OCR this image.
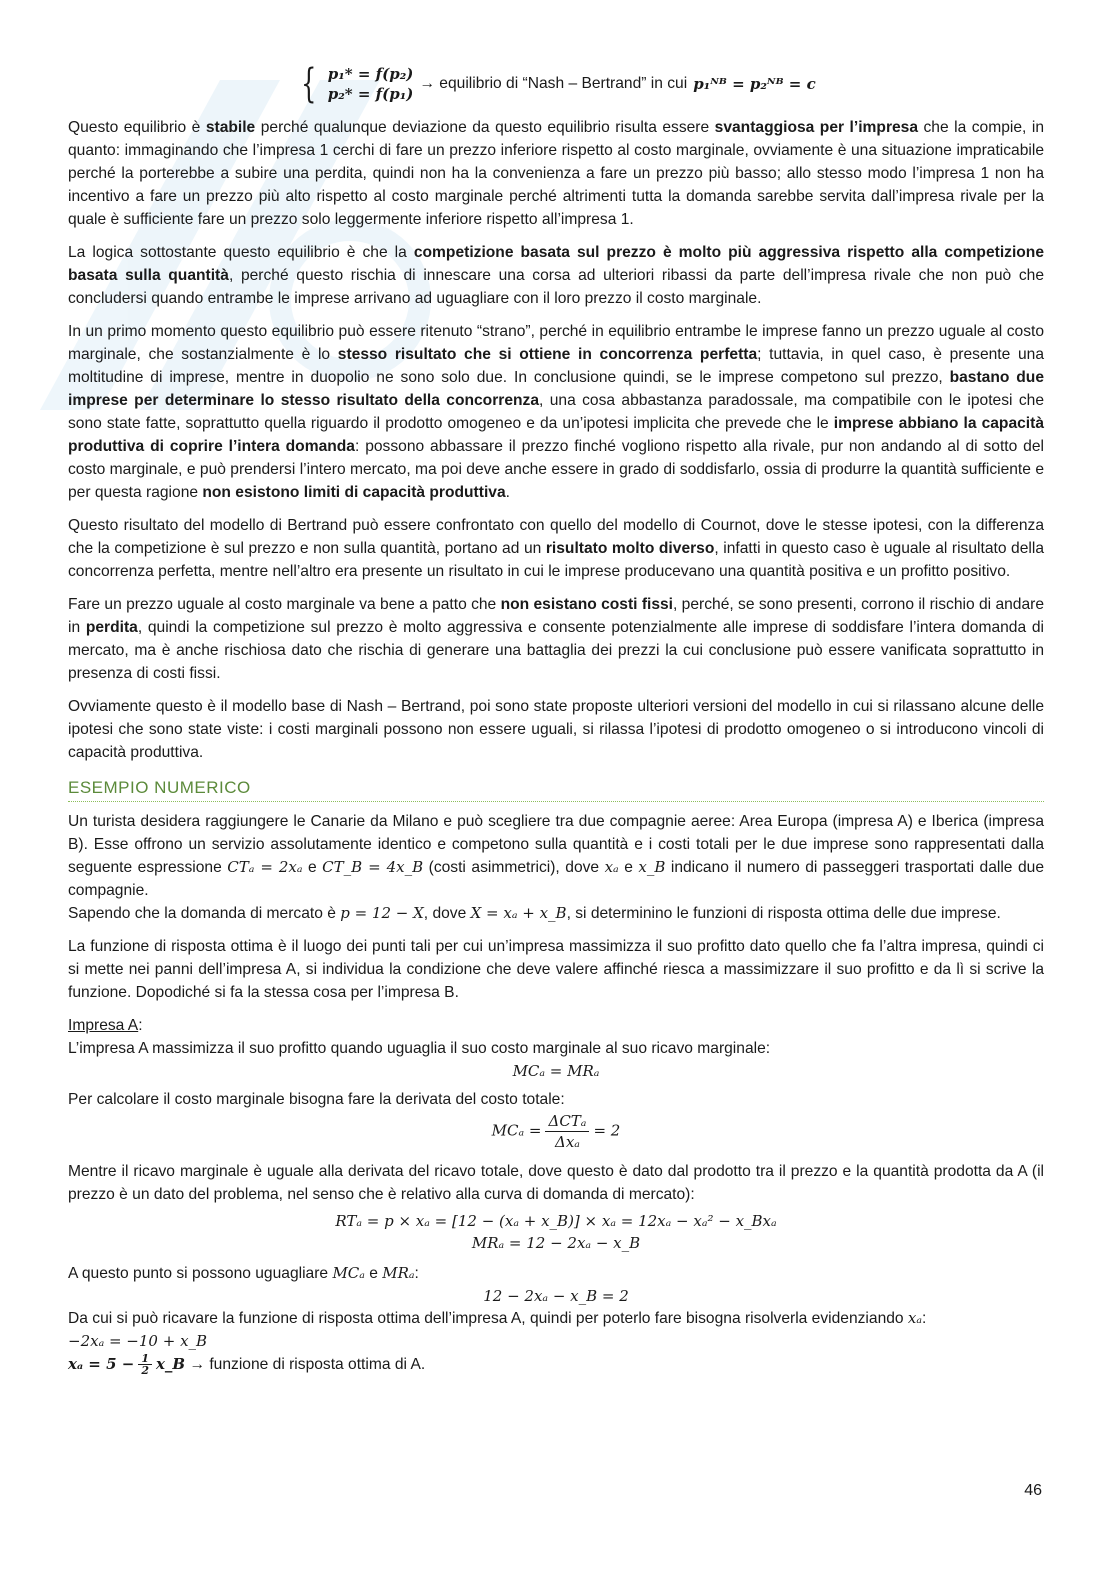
{ p₁* = f(p₂)
p₂* = f(p₁)
→ equilibrio di “Nash – Bertrand” in cui p₁ᴺᴮ = p₂ᴺᴮ = c

Questo equilibrio è stabile perché qualunque deviazione da questo equilibrio risulta essere svantaggiosa per l’impresa che la compie, in quanto: immaginando che l’impresa 1 cerchi di fare un prezzo inferiore rispetto al costo marginale, ovviamente è una situazione impraticabile perché la porterebbe a subire una perdita, quindi non ha la convenienza a fare un prezzo più basso; allo stesso modo l’impresa 1 non ha incentivo a fare un prezzo più alto rispetto al costo marginale perché altrimenti tutta la domanda sarebbe servita dall’impresa rivale per la quale è sufficiente fare un prezzo solo leggermente inferiore rispetto all’impresa 1.

La logica sottostante questo equilibrio è che la competizione basata sul prezzo è molto più aggressiva rispetto alla competizione basata sulla quantità, perché questo rischia di innescare una corsa ad ulteriori ribassi da parte dell’impresa rivale che non può che concludersi quando entrambe le imprese arrivano ad uguagliare con il loro prezzo il costo marginale.

In un primo momento questo equilibrio può essere ritenuto “strano”, perché in equilibrio entrambe le imprese fanno un prezzo uguale al costo marginale, che sostanzialmente è lo stesso risultato che si ottiene in concorrenza perfetta; tuttavia, in quel caso, è presente una moltitudine di imprese, mentre in duopolio ne sono solo due. In conclusione quindi, se le imprese competono sul prezzo, bastano due imprese per determinare lo stesso risultato della concorrenza, una cosa abbastanza paradossale, ma compatibile con le ipotesi che sono state fatte, soprattutto quella riguardo il prodotto omogeneo e da un’ipotesi implicita che prevede che le imprese abbiano la capacità produttiva di coprire l’intera domanda: possono abbassare il prezzo finché vogliono rispetto alla rivale, pur non andando al di sotto del costo marginale, e può prendersi l’intero mercato, ma poi deve anche essere in grado di soddisfarlo, ossia di produrre la quantità sufficiente e per questa ragione non esistono limiti di capacità produttiva.

Questo risultato del modello di Bertrand può essere confrontato con quello del modello di Cournot, dove le stesse ipotesi, con la differenza che la competizione è sul prezzo e non sulla quantità, portano ad un risultato molto diverso, infatti in questo caso è uguale al risultato della concorrenza perfetta, mentre nell’altro era presente un risultato in cui le imprese producevano una quantità positiva e un profitto positivo.

Fare un prezzo uguale al costo marginale va bene a patto che non esistano costi fissi, perché, se sono presenti, corrono il rischio di andare in perdita, quindi la competizione sul prezzo è molto aggressiva e consente potenzialmente alle imprese di soddisfare l’intera domanda di mercato, ma è anche rischiosa dato che rischia di generare una battaglia dei prezzi la cui conclusione può essere vanificata soprattutto in presenza di costi fissi.

Ovviamente questo è il modello base di Nash – Bertrand, poi sono state proposte ulteriori versioni del modello in cui si rilassano alcune delle ipotesi che sono state viste: i costi marginali possono non essere uguali, si rilassa l’ipotesi di prodotto omogeneo o si introducono vincoli di capacità produttiva.

ESEMPIO NUMERICO

Un turista desidera raggiungere le Canarie da Milano e può scegliere tra due compagnie aeree: Area Europa (impresa A) e Iberica (impresa B). Esse offrono un servizio assolutamente identico e competono sulla quantità e i costi totali per le due imprese sono rappresentati dalla seguente espressione CTₐ = 2xₐ e CT_B = 4x_B (costi asimmetrici), dove xₐ e x_B indicano il numero di passeggeri trasportati dalle due compagnie.

Sapendo che la domanda di mercato è p = 12 − X, dove X = xₐ + x_B, si determinino le funzioni di risposta ottima delle due imprese.

La funzione di risposta ottima è il luogo dei punti tali per cui un’impresa massimizza il suo profitto dato quello che fa l’altra impresa, quindi ci si mette nei panni dell’impresa A, si individua la condizione che deve valere affinché riesca a massimizzare il suo profitto e da lì si scrive la funzione. Dopodiché si fa la stessa cosa per l’impresa B.

Impresa A:

L’impresa A massimizza il suo profitto quando uguaglia il suo costo marginale al suo ricavo marginale:

MCₐ = MRₐ

Per calcolare il costo marginale bisogna fare la derivata del costo totale:

$MC_a = \frac{\text{ΔCTₐ}}{\text{Δxₐ}} = 2$

Mentre il ricavo marginale è uguale alla derivata del ricavo totale, dove questo è dato dal prodotto tra il prezzo e la quantità prodotta da A (il prezzo è un dato del problema, nel senso che è relativo alla curva di domanda di mercato):

RTₐ = p × xₐ = [12 − (xₐ + x_B)] × xₐ = 12xₐ − xₐ² − x_Bxₐ

MRₐ = 12 − 2xₐ − x_B

A questo punto si possono uguagliare MCₐ e MRₐ:

12 − 2xₐ − x_B = 2

Da cui si può ricavare la funzione di risposta ottima dell’impresa A, quindi per poterlo fare bisogna risolverla evidenziando xₐ:

−2xₐ = −10 + x_B

$x_a = 5 - \frac{1}{2}$ x_B → funzione di risposta ottima di A.

46
